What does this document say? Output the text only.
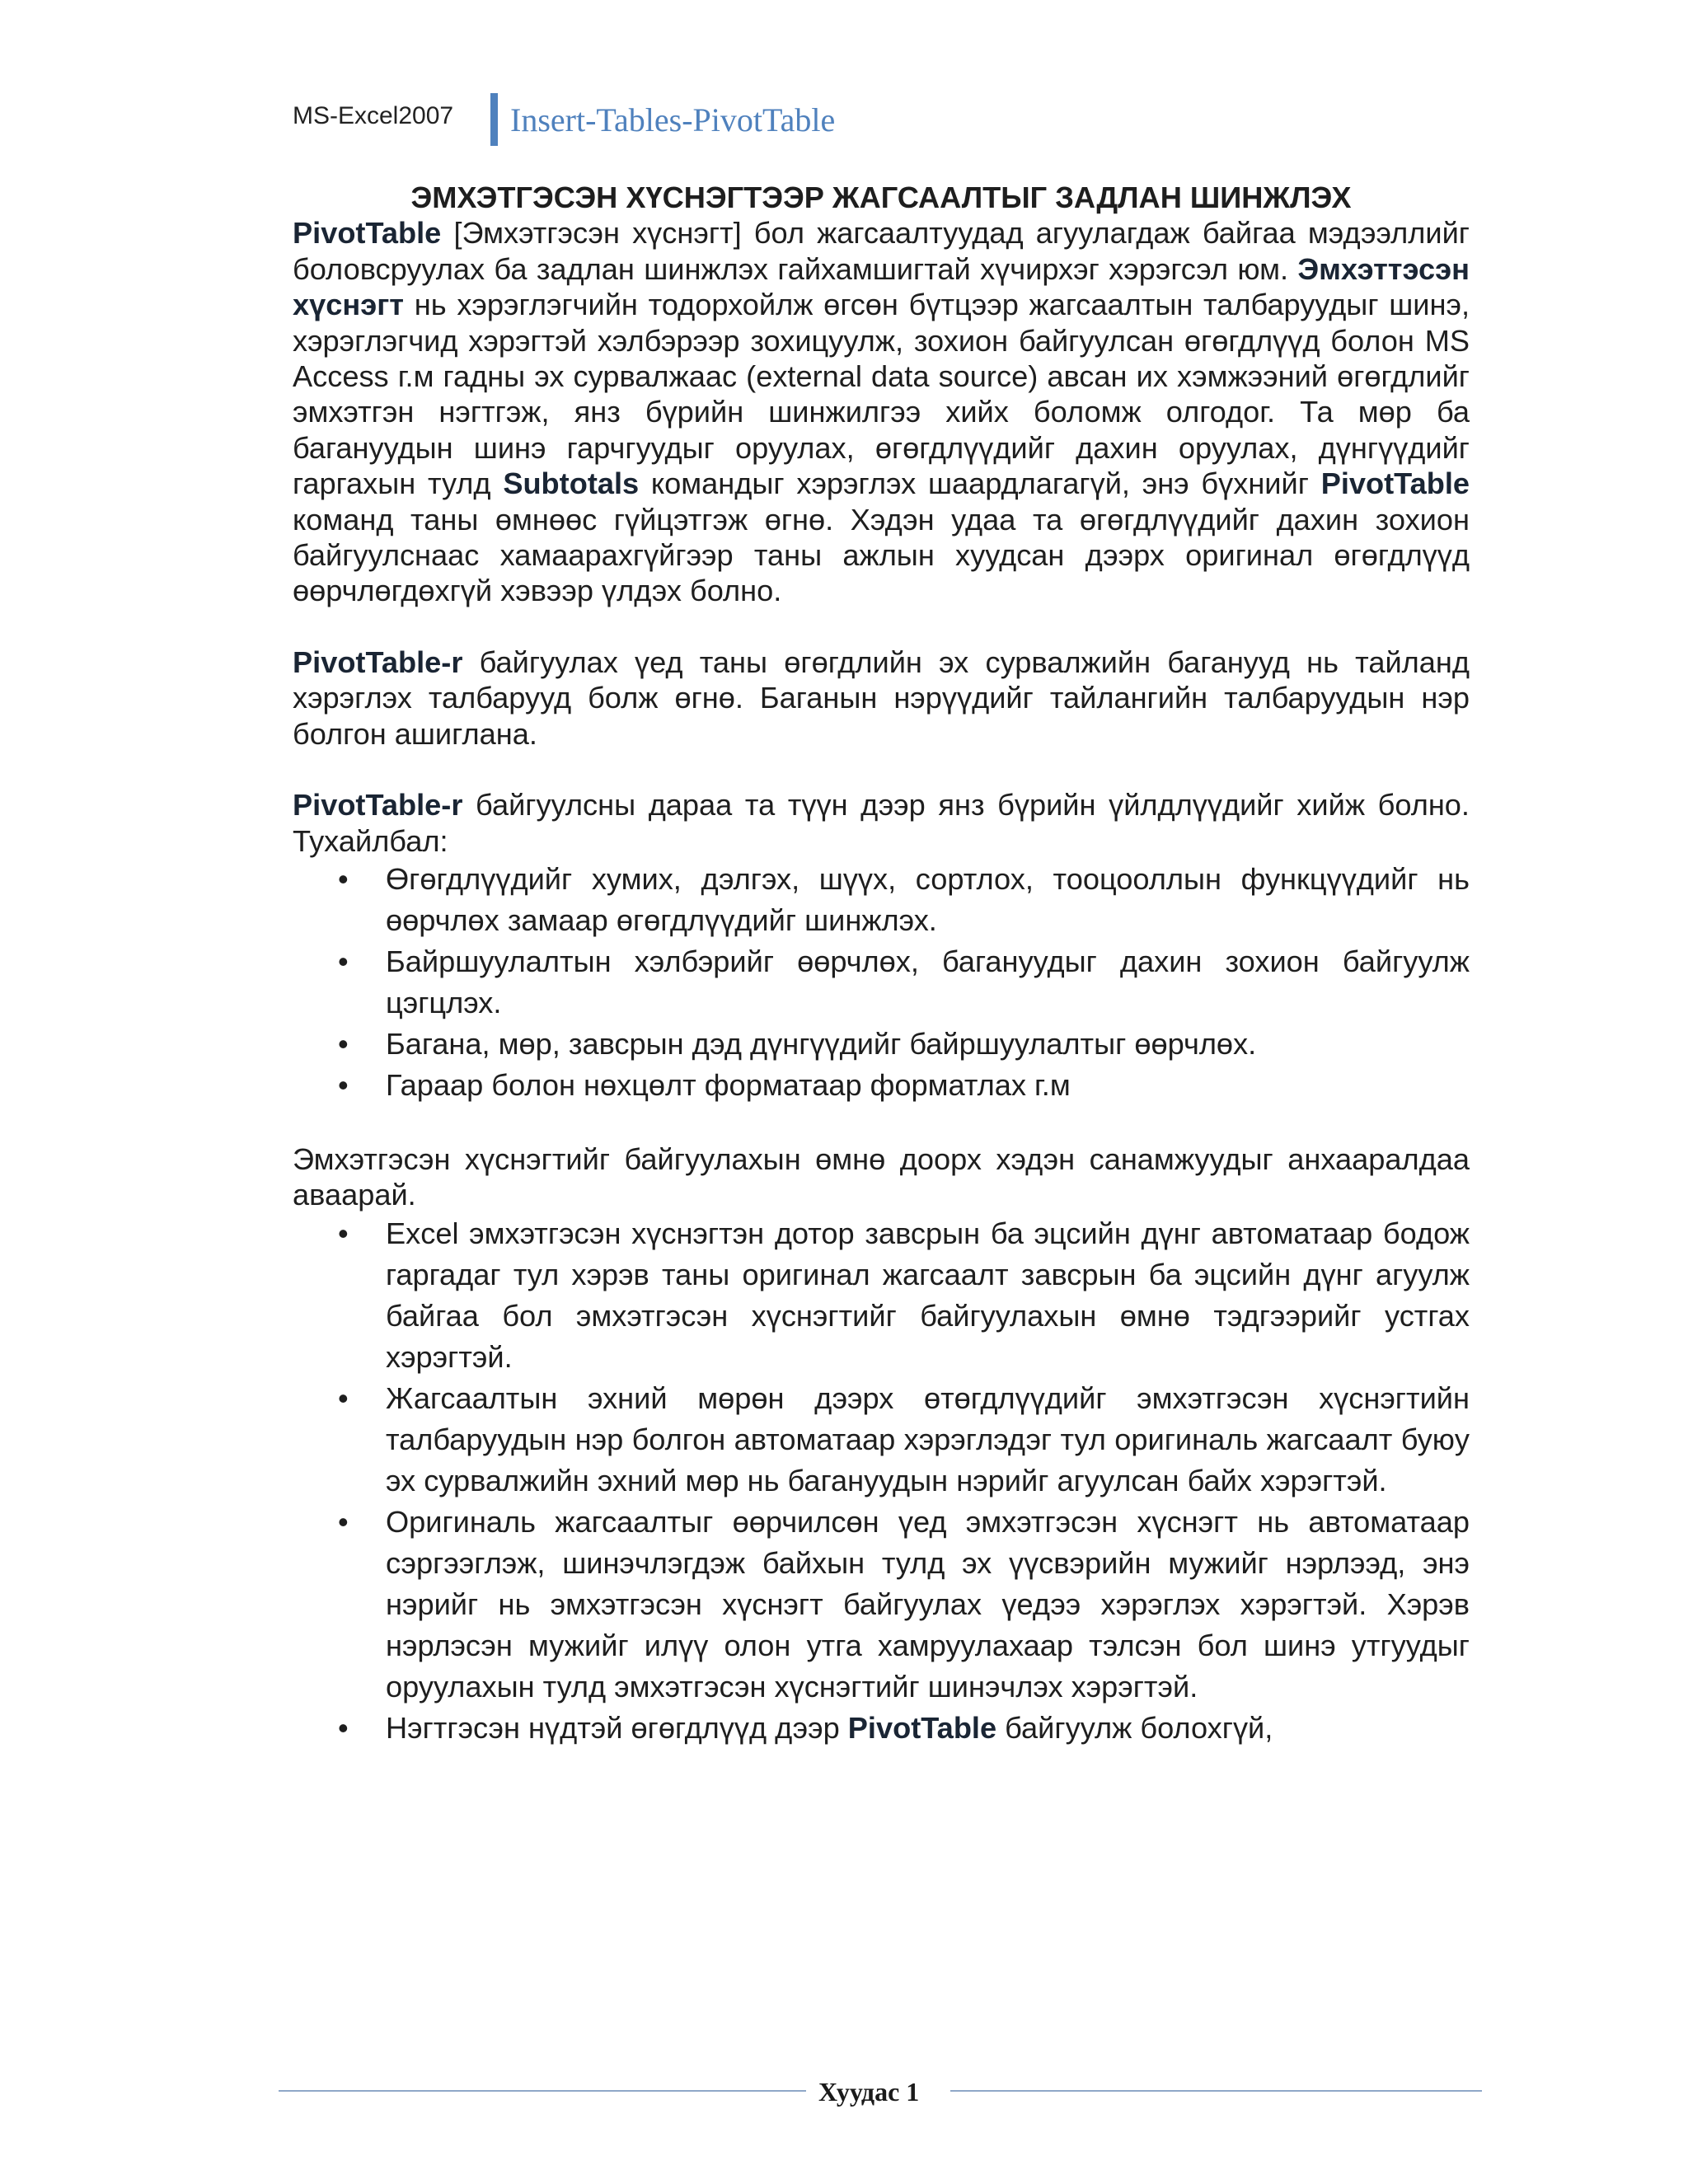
MS-Excel2007 Insert-Tables-PivotTable

ЭМХЭТГЭСЭН ХҮСНЭГТЭЭР ЖАГСААЛТЫГ ЗАДЛАН ШИНЖЛЭХ

PivotTable [Эмхэтгэсэн хүснэгт] бол жагсаалтуудад агуулагдаж байгаа мэдээллийг боловсруулах ба задлан шинжлэх гайхамшигтай хүчирхэг хэрэгсэл юм. Эмхэттэсэн хүснэгт нь хэрэглэгчийн тодорхойлж өгсөн бүтцээр жагсаалтын талбаруудыг шинэ, хэрэглэгчид хэрэгтэй хэлбэрээр зохицуулж, зохион байгуулсан өгөгдлүүд болон MS Access г.м гадны эх сурвалжаас (external data source) авсан их хэмжээний өгөгдлийг эмхэтгэн нэгтгэж, янз бүрийн шинжилгээ хийх боломж олгодог. Та мөр ба багануудын шинэ гарчгуудыг оруулах, өгөгдлүүдийг дахин оруулах, дүнгүүдийг гаргахын тулд Subtotals командыг хэрэглэх шаардлагагүй, энэ бүхнийг PivotTable команд таны өмнөөс гүйцэтгэж өгнө. Хэдэн удаа та өгөгдлүүдийг дахин зохион байгуулснаас хамаарахгүйгээр таны ажлын хуудсан дээрх оригинал өгөгдлүүд өөрчлөгдөхгүй хэвээр үлдэх болно.

PivotTable-r байгуулах үед таны өгөгдлийн эх сурвалжийн баганууд нь тайланд хэрэглэх талбарууд болж өгнө. Баганын нэрүүдийг тайлангийн талбаруудын нэр болгон ашиглана.

PivotTable-r байгуулсны дараа та түүн дээр янз бүрийн үйлдлүүдийг хийж болно. Тухайлбал:

• Өгөгдлүүдийг хумих, дэлгэх, шүүх, сортлох, тооцооллын функцүүдийг нь өөрчлөх замаар өгөгдлүүдийг шинжлэх.
• Байршуулалтын хэлбэрийг өөрчлөх, багануудыг дахин зохион байгуулж цэгцлэх.
• Багана, мөр, завсрын дэд дүнгүүдийг байршуулалтыг өөрчлөх.
• Гараар болон нөхцөлт форматаар форматлах г.м

Эмхэтгэсэн хүснэгтийг байгуулахын өмнө доорх хэдэн санамжуудыг анхааралдаа аваарай.

• Excel эмхэтгэсэн хүснэгтэн дотор завсрын ба эцсийн дүнг автоматаар бодож гаргадаг тул хэрэв таны оригинал жагсаалт завсрын ба эцсийн дүнг агуулж байгаа бол эмхэтгэсэн хүснэгтийг байгуулахын өмнө тэдгээрийг устгах хэрэгтэй.
• Жагсаалтын эхний мөрөн дээрх өтөгдлүүдийг эмхэтгэсэн хүснэгтийн талбаруудын нэр болгон автоматаар хэрэглэдэг тул оригиналь жагсаалт буюу эх сурвалжийн эхний мөр нь багануудын нэрийг агуулсан байх хэрэгтэй.
• Оригиналь жагсаалтыг өөрчилсөн үед эмхэтгэсэн хүснэгт нь автоматаар сэргээглэж, шинэчлэгдэж байхын тулд эх үүсвэрийн мужийг нэрлээд, энэ нэрийг нь эмхэтгэсэн хүснэгт байгуулах үедээ хэрэглэх хэрэгтэй. Хэрэв нэрлэсэн мужийг илүү олон утга хамруулахаар тэлсэн бол шинэ утгуудыг оруулахын тулд эмхэтгэсэн хүснэгтийг шинэчлэх хэрэгтэй.
• Нэгтгэсэн нүдтэй өгөгдлүүд дээр PivotTable байгуулж болохгүй,
Хуудас 1
